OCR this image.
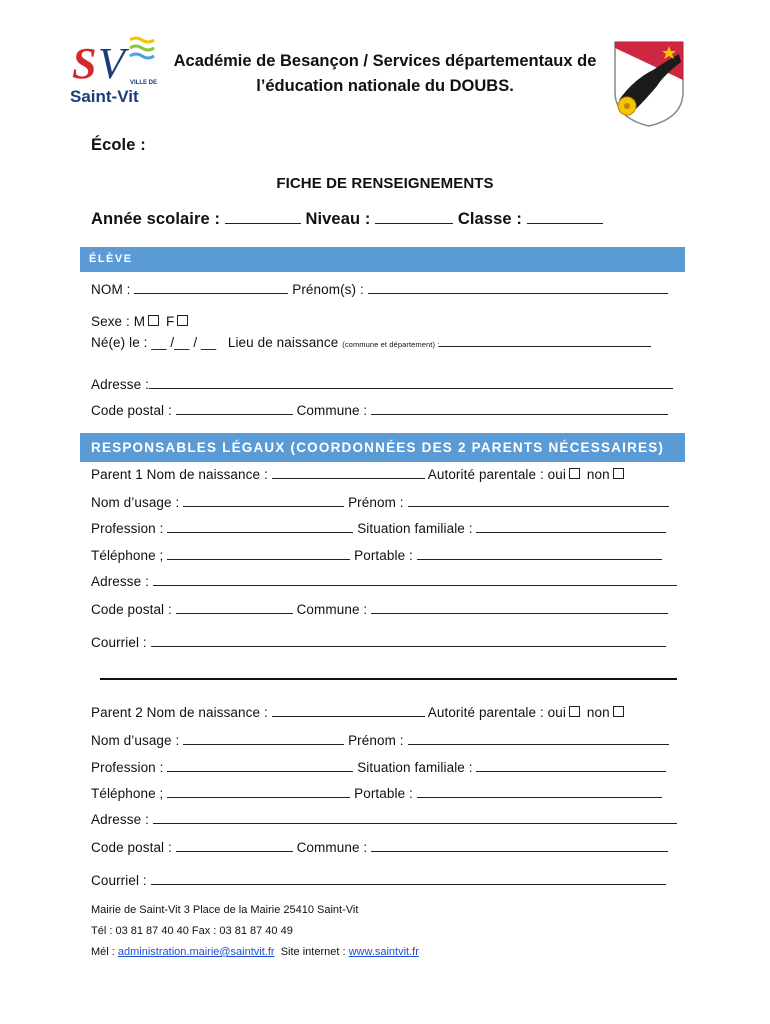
S V VILLE DE
Saint-Vit
Académie de Besançon / Services départementaux de
l’éducation nationale du DOUBS.
École :
FICHE DE RENSEIGNEMENTS
Année scolaire :	Niveau :	Classe :
ÉLÈVE
NOM :	Prénom(s) :
Sexe : M F
Né(e) le : __ /__ / __ Lieu de naissance (commune et département) :
Adresse :
Code postal :	Commune :
RESPONSABLES LÉGAUX (COORDONNÉES DES 2 PARENTS NÉCESSAIRES)
Parent 1 Nom de naissance :	Autorité parentale : oui non
Nom d’usage :	Prénom :
Profession :	Situation familiale :
Téléphone ;	Portable :
Adresse :
Code postal :	Commune :
Courriel :
Parent 2 Nom de naissance :	Autorité parentale : oui non
Nom d’usage :	Prénom :
Profession :	Situation familiale :
Téléphone ;	Portable :
Adresse :
Code postal :	Commune :
Courriel :
Mairie de Saint-Vit 3 Place de la Mairie 25410 Saint-Vit
Tél : 03 81 87 40 40 Fax : 03 81 87 40 49
Mél : administration.mairie@saintvit.fr Site internet : www.saintvit.fr
